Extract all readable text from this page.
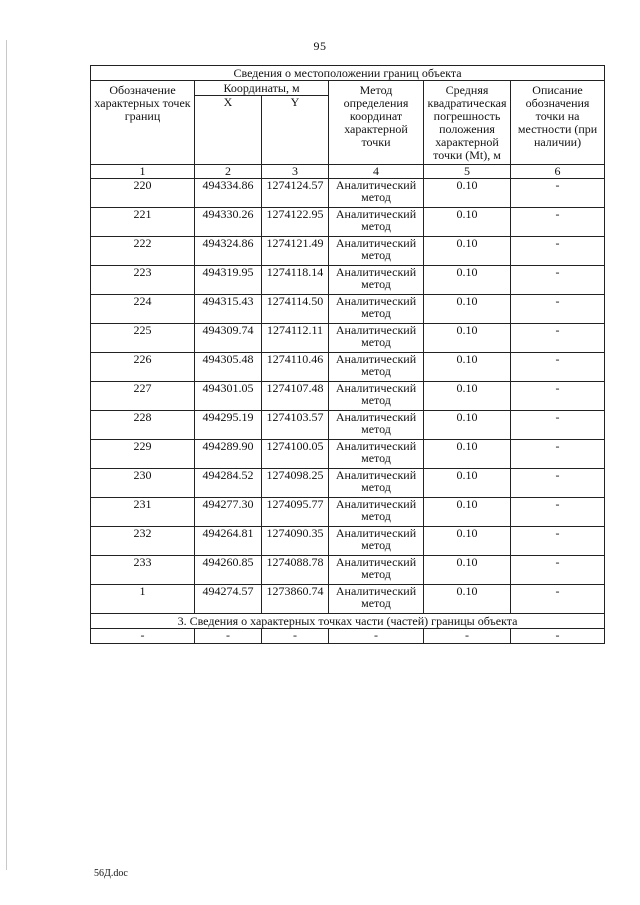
95
Сведения о местоположении границ объекта					
Обозначение характерных точек границ	Координаты, м		Метод определения координат характерной точки	Средняя квадратическая погрешность положения характерной точки (Mt), м	Описание обозначения точки на местности (при наличии)
	X	Y			
1	2	3	4	5	6
220	494334.86	1274124.57	Аналитический метод	0.10	-
221	494330.26	1274122.95	Аналитический метод	0.10	-
222	494324.86	1274121.49	Аналитический метод	0.10	-
223	494319.95	1274118.14	Аналитический метод	0.10	-
224	494315.43	1274114.50	Аналитический метод	0.10	-
225	494309.74	1274112.11	Аналитический метод	0.10	-
226	494305.48	1274110.46	Аналитический метод	0.10	-
227	494301.05	1274107.48	Аналитический метод	0.10	-
228	494295.19	1274103.57	Аналитический метод	0.10	-
229	494289.90	1274100.05	Аналитический метод	0.10	-
230	494284.52	1274098.25	Аналитический метод	0.10	-
231	494277.30	1274095.77	Аналитический метод	0.10	-
232	494264.81	1274090.35	Аналитический метод	0.10	-
233	494260.85	1274088.78	Аналитический метод	0.10	-
1	494274.57	1273860.74	Аналитический метод	0.10	-
3. Сведения о характерных точках части (частей) границы объекта					
-	-	-	-	-	-
56Д.doc
